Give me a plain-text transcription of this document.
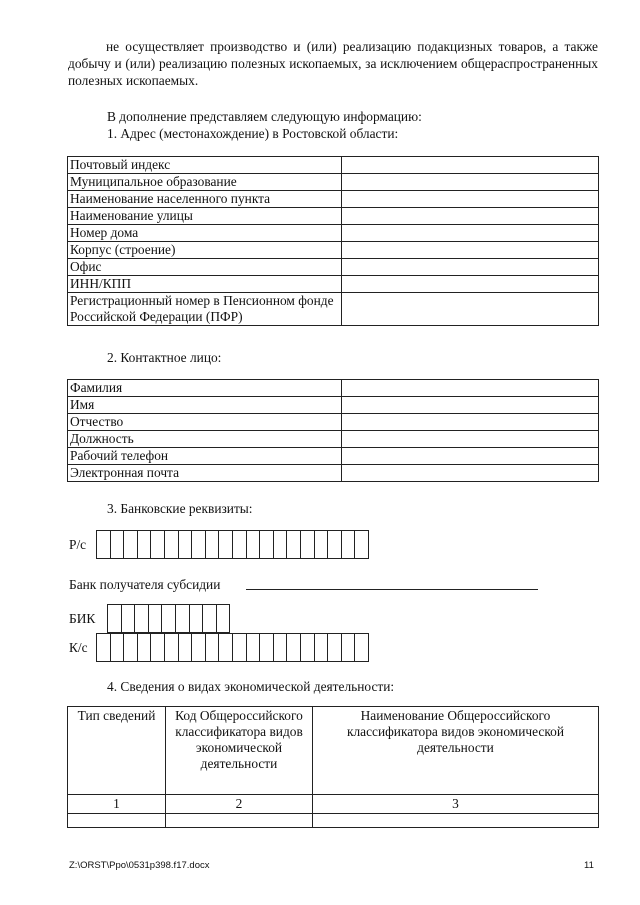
не осуществляет производство и (или) реализацию подакцизных товаров, а также добычу и (или) реализацию полезных ископаемых, за исключением общераспространенных полезных ископаемых.
В дополнение представляем следующую информацию:
1. Адрес (местонахождение) в Ростовской области:
Почтовый индекс	
Муниципальное образование	
Наименование населенного пункта	
Наименование улицы	
Номер дома	
Корпус (строение)	
Офис	
ИНН/КПП	
Регистрационный номер в Пенсионном фонде Российской Федерации (ПФР)	
2. Контактное лицо:
Фамилия	
Имя	
Отчество	
Должность	
Рабочий телефон	
Электронная почта	
3. Банковские реквизиты:
Р/с
Банк получателя субсидии
БИК
К/с
4. Сведения о видах экономической деятельности:
Тип сведений	Код Общероссийского классификатора видов экономической деятельности	Наименование Общероссийского классификатора видов экономической деятельности
1	2	3

Z:\ORST\Ppo\0531p398.f17.docx	11
